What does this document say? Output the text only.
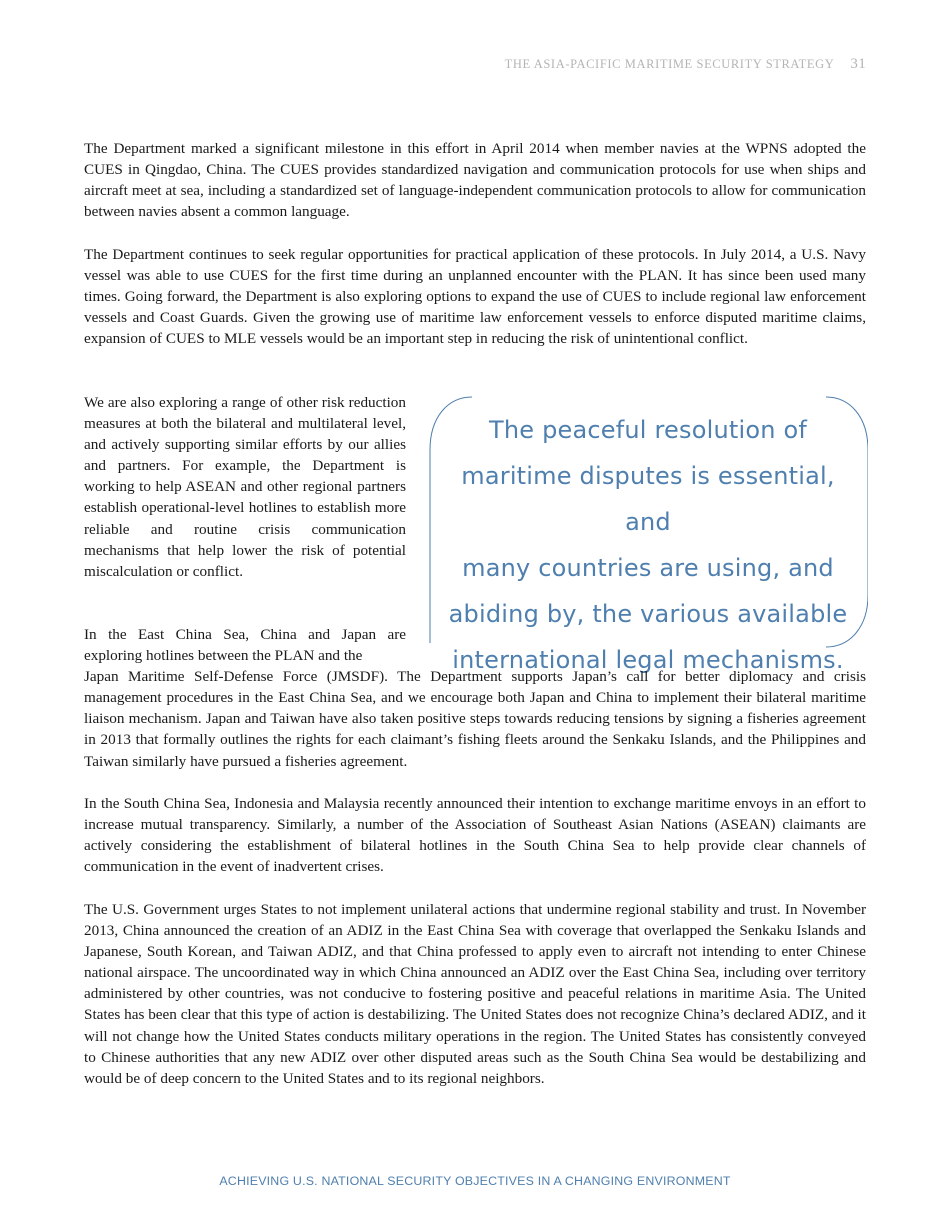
THE ASIA-PACIFIC MARITIME SECURITY STRATEGY 31

The Department marked a significant milestone in this effort in April 2014 when member navies at the WPNS adopted the CUES in Qingdao, China. The CUES provides standardized navigation and communication protocols for use when ships and aircraft meet at sea, including a standardized set of language-independent communication protocols to allow for communication between navies absent a common language.

The Department continues to seek regular opportunities for practical application of these protocols. In July 2014, a U.S. Navy vessel was able to use CUES for the first time during an unplanned encounter with the PLAN. It has since been used many times. Going forward, the Department is also exploring options to expand the use of CUES to include regional law enforcement vessels and Coast Guards. Given the growing use of maritime law enforcement vessels to enforce disputed maritime claims, expansion of CUES to MLE vessels would be an important step in reducing the risk of unintentional conflict.

We are also exploring a range of other risk reduction measures at both the bilateral and multilateral level, and actively supporting similar efforts by our allies and partners. For example, the Department is working to help ASEAN and other regional partners establish operational-level hotlines to establish more reliable and routine crisis communication mechanisms that help lower the risk of potential miscalculation or conflict.

The peaceful resolution of
maritime disputes is essential, and
many countries are using, and
abiding by, the various available
international legal mechanisms.

In the East China Sea, China and Japan are exploring hotlines between the PLAN and the
Japan Maritime Self-Defense Force (JMSDF). The Department supports Japan’s call for better diplomacy and crisis management procedures in the East China Sea, and we encourage both Japan and China to implement their bilateral maritime liaison mechanism. Japan and Taiwan have also taken positive steps towards reducing tensions by signing a fisheries agreement in 2013 that formally outlines the rights for each claimant’s fishing fleets around the Senkaku Islands, and the Philippines and Taiwan similarly have pursued a fisheries agreement.

In the South China Sea, Indonesia and Malaysia recently announced their intention to exchange maritime envoys in an effort to increase mutual transparency. Similarly, a number of the Association of Southeast Asian Nations (ASEAN) claimants are actively considering the establishment of bilateral hotlines in the South China Sea to help provide clear channels of communication in the event of inadvertent crises.

The U.S. Government urges States to not implement unilateral actions that undermine regional stability and trust. In November 2013, China announced the creation of an ADIZ in the East China Sea with coverage that overlapped the Senkaku Islands and Japanese, South Korean, and Taiwan ADIZ, and that China professed to apply even to aircraft not intending to enter Chinese national airspace. The uncoordinated way in which China announced an ADIZ over the East China Sea, including over territory administered by other countries, was not conducive to fostering positive and peaceful relations in maritime Asia. The United States has been clear that this type of action is destabilizing. The United States does not recognize China’s declared ADIZ, and it will not change how the United States conducts military operations in the region. The United States has consistently conveyed to Chinese authorities that any new ADIZ over other disputed areas such as the South China Sea would be destabilizing and would be of deep concern to the United States and to its regional neighbors.

ACHIEVING U.S. NATIONAL SECURITY OBJECTIVES IN A CHANGING ENVIRONMENT
